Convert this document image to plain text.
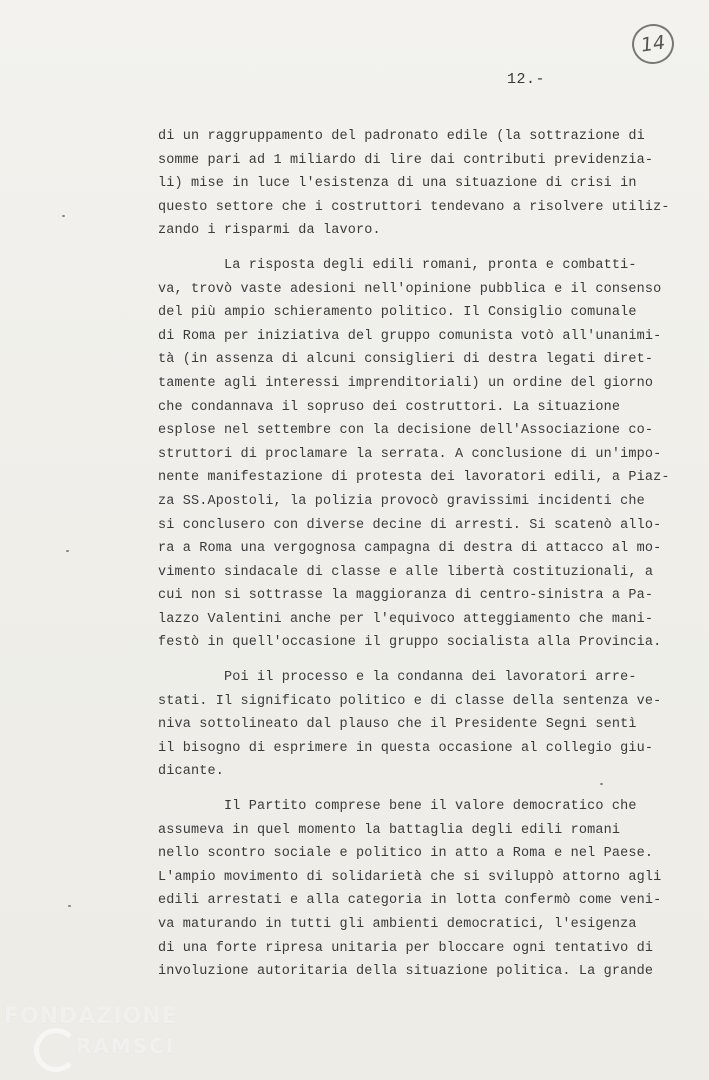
14
12.-
di un raggruppamento del padronato edile (la sottrazione di
somme pari ad 1 miliardo di lire dai contributi previdenzia-
li) mise in luce l'esistenza di una situazione di crisi in
questo settore che i costruttori tendevano a risolvere utiliz-
zando i risparmi da lavoro.
La risposta degli edili romani, pronta e combatti-
va, trovò vaste adesioni nell'opinione pubblica e il consenso
del più ampio schieramento politico. Il Consiglio comunale
di Roma per iniziativa del gruppo comunista votò all'unanimi-
tà (in assenza di alcuni consiglieri di destra legati diret-
tamente agli interessi imprenditoriali) un ordine del giorno
che condannava il sopruso dei costruttori. La situazione
esplose nel settembre con la decisione dell'Associazione co-
struttori di proclamare la serrata. A conclusione di un'impo-
nente manifestazione di protesta dei lavoratori edili, a Piaz-
za SS.Apostoli, la polizia provocò gravissimi incidenti che
si conclusero con diverse decine di arresti. Si scatenò allo-
ra a Roma una vergognosa campagna di destra di attacco al mo-
vimento sindacale di classe e alle libertà costituzionali, a
cui non si sottrasse la maggioranza di centro-sinistra a Pa-
lazzo Valentini anche per l'equivoco atteggiamento che mani-
festò in quell'occasione il gruppo socialista alla Provincia.
Poi il processo e la condanna dei lavoratori arre-
stati. Il significato politico e di classe della sentenza ve-
niva sottolineato dal plauso che il Presidente Segni sentì
il bisogno di esprimere in questa occasione al collegio giu-
dicante.
Il Partito comprese bene il valore democratico che
assumeva in quel momento la battaglia degli edili romani
nello scontro sociale e politico in atto a Roma e nel Paese.
L'ampio movimento di solidarietà che si sviluppò attorno agli
edili arrestati e alla categoria in lotta confermò come veni-
va maturando in tutti gli ambienti democratici, l'esigenza
di una forte ripresa unitaria per bloccare ogni tentativo di
involuzione autoritaria della situazione politica. La grande
FONDAZIONE
RAMSCI
